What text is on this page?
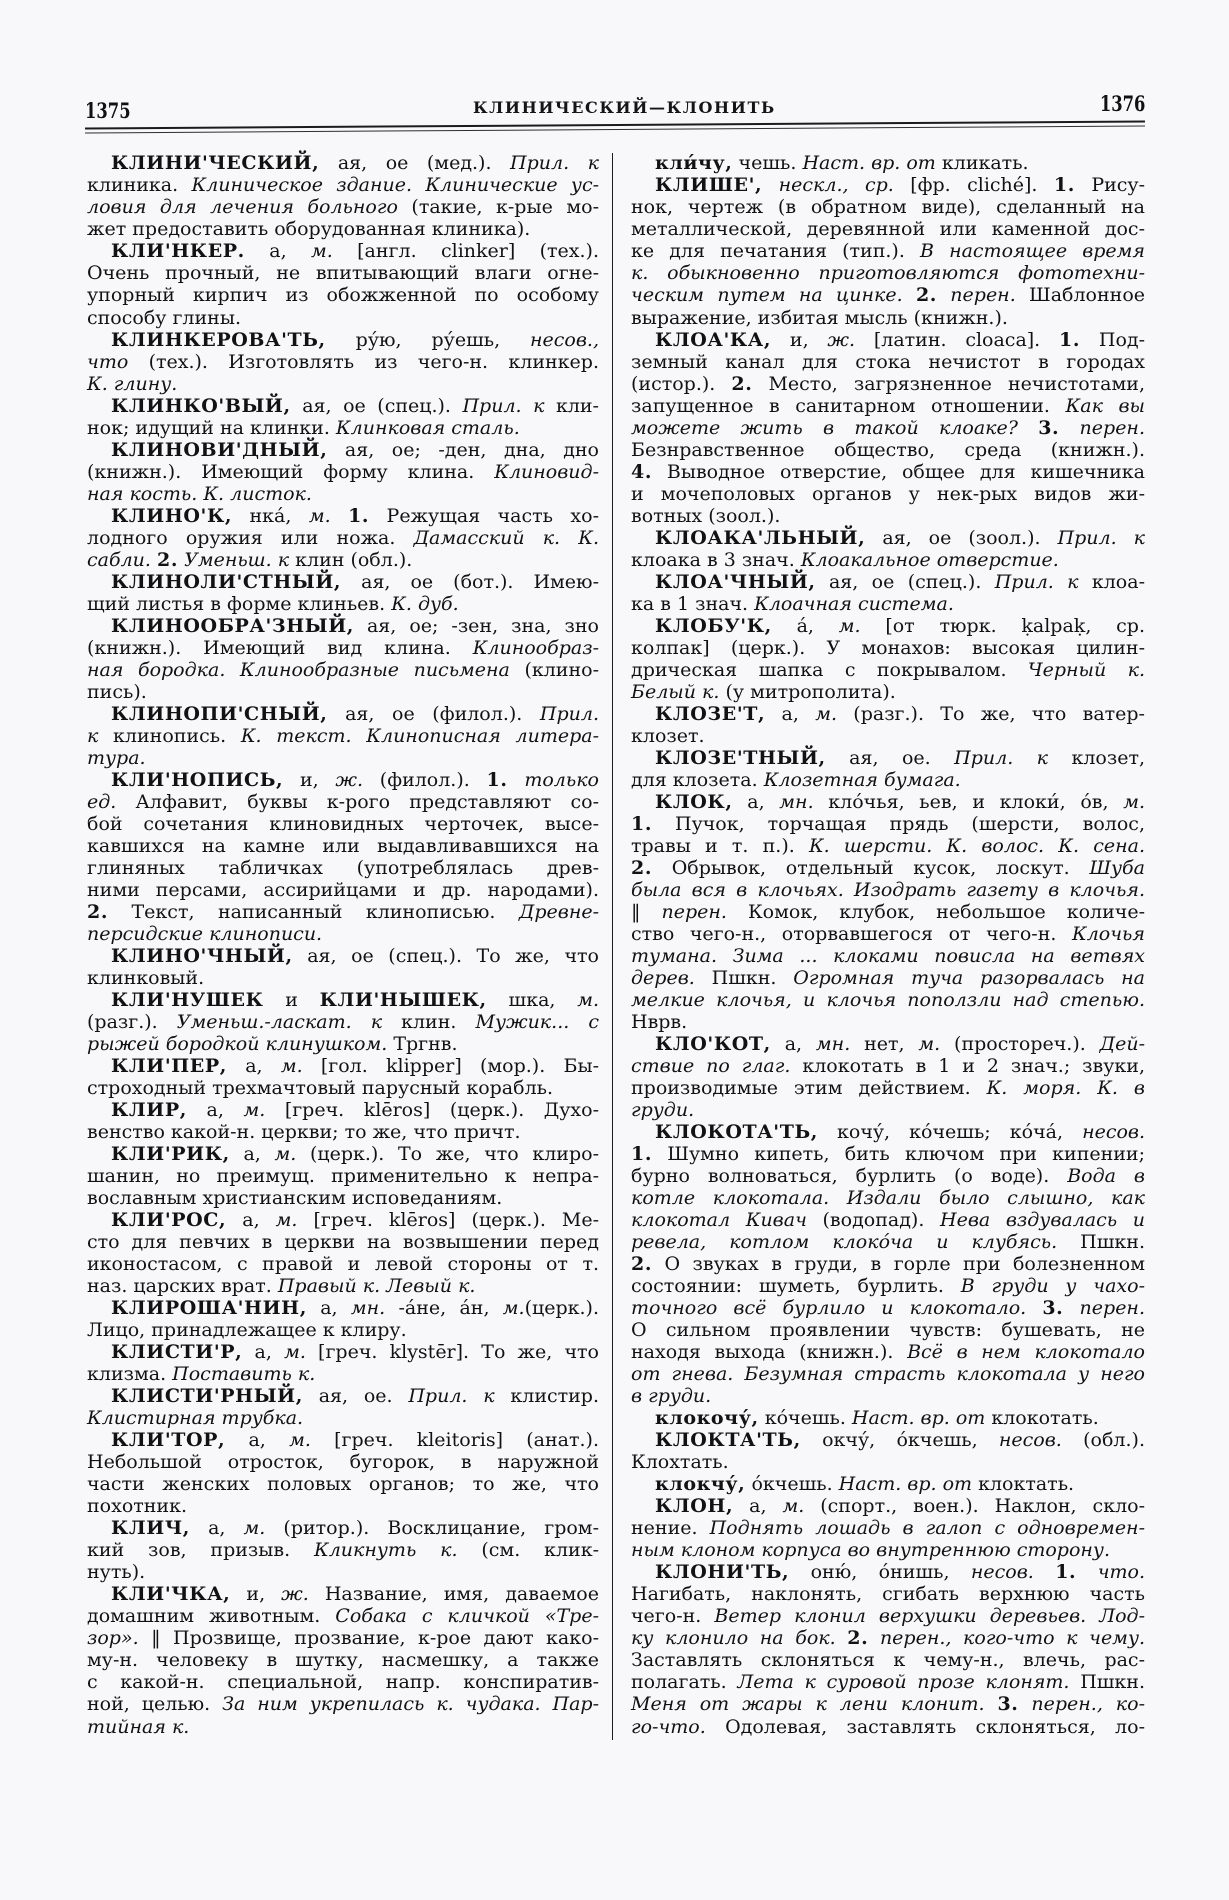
1375	КЛИНИЧЕСКИЙ—КЛОНИТЬ	1376
КЛИНИ'ЧЕСКИЙ, ая, ое (мед.). Прил. к
клиника. Клиническое здание. Клинические ус-
ловия для лечения больного (такие, к-рые мо-
жет предоставить оборудованная клиника).
КЛИ'НКЕР. а, м. [англ. clinker] (тех.).
Очень прочный, не впитывающий влаги огне-
упорный кирпич из обожженной по особому
способу глины.
КЛИНКЕРОВА'ТЬ, ру́ю, ру́ешь, несов.,
что (тех.). Изготовлять из чего-н. клинкер.
К. глину.
КЛИНКО'ВЫЙ, ая, ое (спец.). Прил. к кли-
нок; идущий на клинки. Клинковая сталь.
КЛИНОВИ'ДНЫЙ, ая, ое; -ден, дна, дно
(книжн.). Имеющий форму клина. Клиновид-
ная кость. К. листок.
КЛИНО'К, нка́, м. 1. Режущая часть хо-
лодного оружия или ножа. Дамасский к. К.
сабли. 2. Уменьш. к клин (обл.).
КЛИНОЛИ'СТНЫЙ, ая, ое (бот.). Имею-
щий листья в форме клиньев. К. дуб.
КЛИНООБРА'ЗНЫЙ, ая, ое; -зен, зна, зно
(книжн.). Имеющий вид клина. Клинообраз-
ная бородка. Клинообразные письмена (клино-
пись).
КЛИНОПИ'СНЫЙ, ая, ое (филол.). Прил.
к клинопись. К. текст. Клинописная литера-
тура.
КЛИ'НОПИСЬ, и, ж. (филол.). 1. только
ед. Алфавит, буквы к-рого представляют со-
бой сочетания клиновидных черточек, высе-
кавшихся на камне или выдавливавшихся на
глиняных табличках (употреблялась древ-
ними персами, ассирийцами и др. народами).
2. Текст, написанный клинописью. Древне-
персидские клинописи.
КЛИНО'ЧНЫЙ, ая, ое (спец.). То же, что
клинковый.
КЛИ'НУШЕК и КЛИ'НЫШЕК, шка, м.
(разг.). Уменьш.-ласкат. к клин. Мужик... с
рыжей бородкой клинушком. Тргнв.
КЛИ'ПЕР, а, м. [гол. klipper] (мор.). Бы-
строходный трехмачтовый парусный корабль.
КЛИР, а, м. [греч. klēros] (церк.). Духо-
венство какой-н. церкви; то же, что причт.
КЛИ'РИК, а, м. (церк.). То же, что клиро-
шанин, но преимущ. применительно к непра-
вославным христианским исповеданиям.
КЛИ'РОС, а, м. [греч. klēros] (церк.). Ме-
сто для певчих в церкви на возвышении перед
иконостасом, с правой и левой стороны от т.
наз. царских врат. Правый к. Левый к.
КЛИРОША'НИН, а, мн. -а́не, а́н, м.(церк.).
Лицо, принадлежащее к клиру.
КЛИСТИ'Р, а, м. [греч. klystēr]. То же, что
клизма. Поставить к.
КЛИСТИ'РНЫЙ, ая, ое. Прил. к клистир.
Клистирная трубка.
КЛИ'ТОР, а, м. [греч. kleitoris] (анат.).
Небольшой отросток, бугорок, в наружной
части женских половых органов; то же, что
похотник.
КЛИЧ, а, м. (ритор.). Восклицание, гром-
кий зов, призыв. Кликнуть к. (см. клик-
нуть).
КЛИ'ЧКА, и, ж. Название, имя, даваемое
домашним животным. Собака с кличкой «Тре-
зор». ‖ Прозвище, прозвание, к-рое дают како-
му-н. человеку в шутку, насмешку, а также
с какой-н. специальной, напр. конспиратив-
ной, целью. За ним укрепилась к. чудака. Пар-
тийная к.
кли́чу, чешь. Наст. вр. от кликать.
КЛИШЕ', нескл., ср. [фр. cliché]. 1. Рису-
нок, чертеж (в обратном виде), сделанный на
металлической, деревянной или каменной дос-
ке для печатания (тип.). В настоящее время
к. обыкновенно приготовляются фототехни-
ческим путем на цинке. 2. перен. Шаблонное
выражение, избитая мысль (книжн.).
КЛОА'КА, и, ж. [латин. cloaca]. 1. Под-
земный канал для стока нечистот в городах
(истор.). 2. Место, загрязненное нечистотами,
запущенное в санитарном отношении. Как вы
можете жить в такой клоаке? 3. перен.
Безнравственное общество, среда (книжн.).
4. Выводное отверстие, общее для кишечника
и мочеполовых органов у нек-рых видов жи-
вотных (зоол.).
КЛОАКА'ЛЬНЫЙ, ая, ое (зоол.). Прил. к
клоака в 3 знач. Клоакальное отверстие.
КЛОА'ЧНЫЙ, ая, ое (спец.). Прил. к клоа-
ка в 1 знач. Клоачная система.
КЛОБУ'К, а́, м. [от тюрк. ḳalpaḳ, ср.
колпак] (церк.). У монахов: высокая цилин-
дрическая шапка с покрывалом. Черный к.
Белый к. (у митрополита).
КЛОЗЕ'Т, а, м. (разг.). То же, что ватер-
клозет.
КЛОЗЕ'ТНЫЙ, ая, ое. Прил. к клозет,
для клозета. Клозетная бумага.
КЛОК, а, мн. кло́чья, ьев, и клоки́, о́в, м.
1. Пучок, торчащая прядь (шерсти, волос,
травы и т. п.). К. шерсти. К. волос. К. сена.
2. Обрывок, отдельный кусок, лоскут. Шуба
была вся в клочьях. Изодрать газету в клочья.
‖ перен. Комок, клубок, небольшое количе-
ство чего-н., оторвавшегося от чего-н. Клочья
тумана. Зима ... клоками повисла на ветвях
дерев. Пшкн. Огромная туча разорвалась на
мелкие клочья, и клочья поползли над степью.
Нврв.
КЛО'КОТ, а, мн. нет, м. (простореч.). Дей-
ствие по глаг. клокотать в 1 и 2 знач.; звуки,
производимые этим действием. К. моря. К. в
груди.
КЛОКОТА'ТЬ, кочу́, ко́чешь; ко́ча́, несов.
1. Шумно кипеть, бить ключом при кипении;
бурно волноваться, бурлить (о воде). Вода в
котле клокотала. Издали было слышно, как
клокотал Кивач (водопад). Нева вздувалась и
ревела, котлом клоко́ча и клубясь. Пшкн.
2. О звуках в груди, в горле при болезненном
состоянии: шуметь, бурлить. В груди у чахо-
точного всё бурлило и клокотало. 3. перен.
О сильном проявлении чувств: бушевать, не
находя выхода (книжн.). Всё в нем клокотало
от гнева. Безумная страсть клокотала у него
в груди.
клокочу́, ко́чешь. Наст. вр. от клокотать.
КЛОКТА'ТЬ, окчу́, о́кчешь, несов. (обл.).
Клохтать.
клокчу́, о́кчешь. Наст. вр. от клоктать.
КЛОН, а, м. (спорт., воен.). Наклон, скло-
нение. Поднять лошадь в галоп с одновремен-
ным клоном корпуса во внутреннюю сторону.
КЛОНИ'ТЬ, оню́, о́нишь, несов. 1. что.
Нагибать, наклонять, сгибать верхнюю часть
чего-н. Ветер клонил верхушки деревьев. Лод-
ку клонило на бок. 2. перен., кого-что к чему.
Заставлять склоняться к чему-н., влечь, рас-
полагать. Лета к суровой прозе клонят. Пшкн.
Меня от жары к лени клонит. 3. перен., ко-
го-что. Одолевая, заставлять склоняться, ло-
